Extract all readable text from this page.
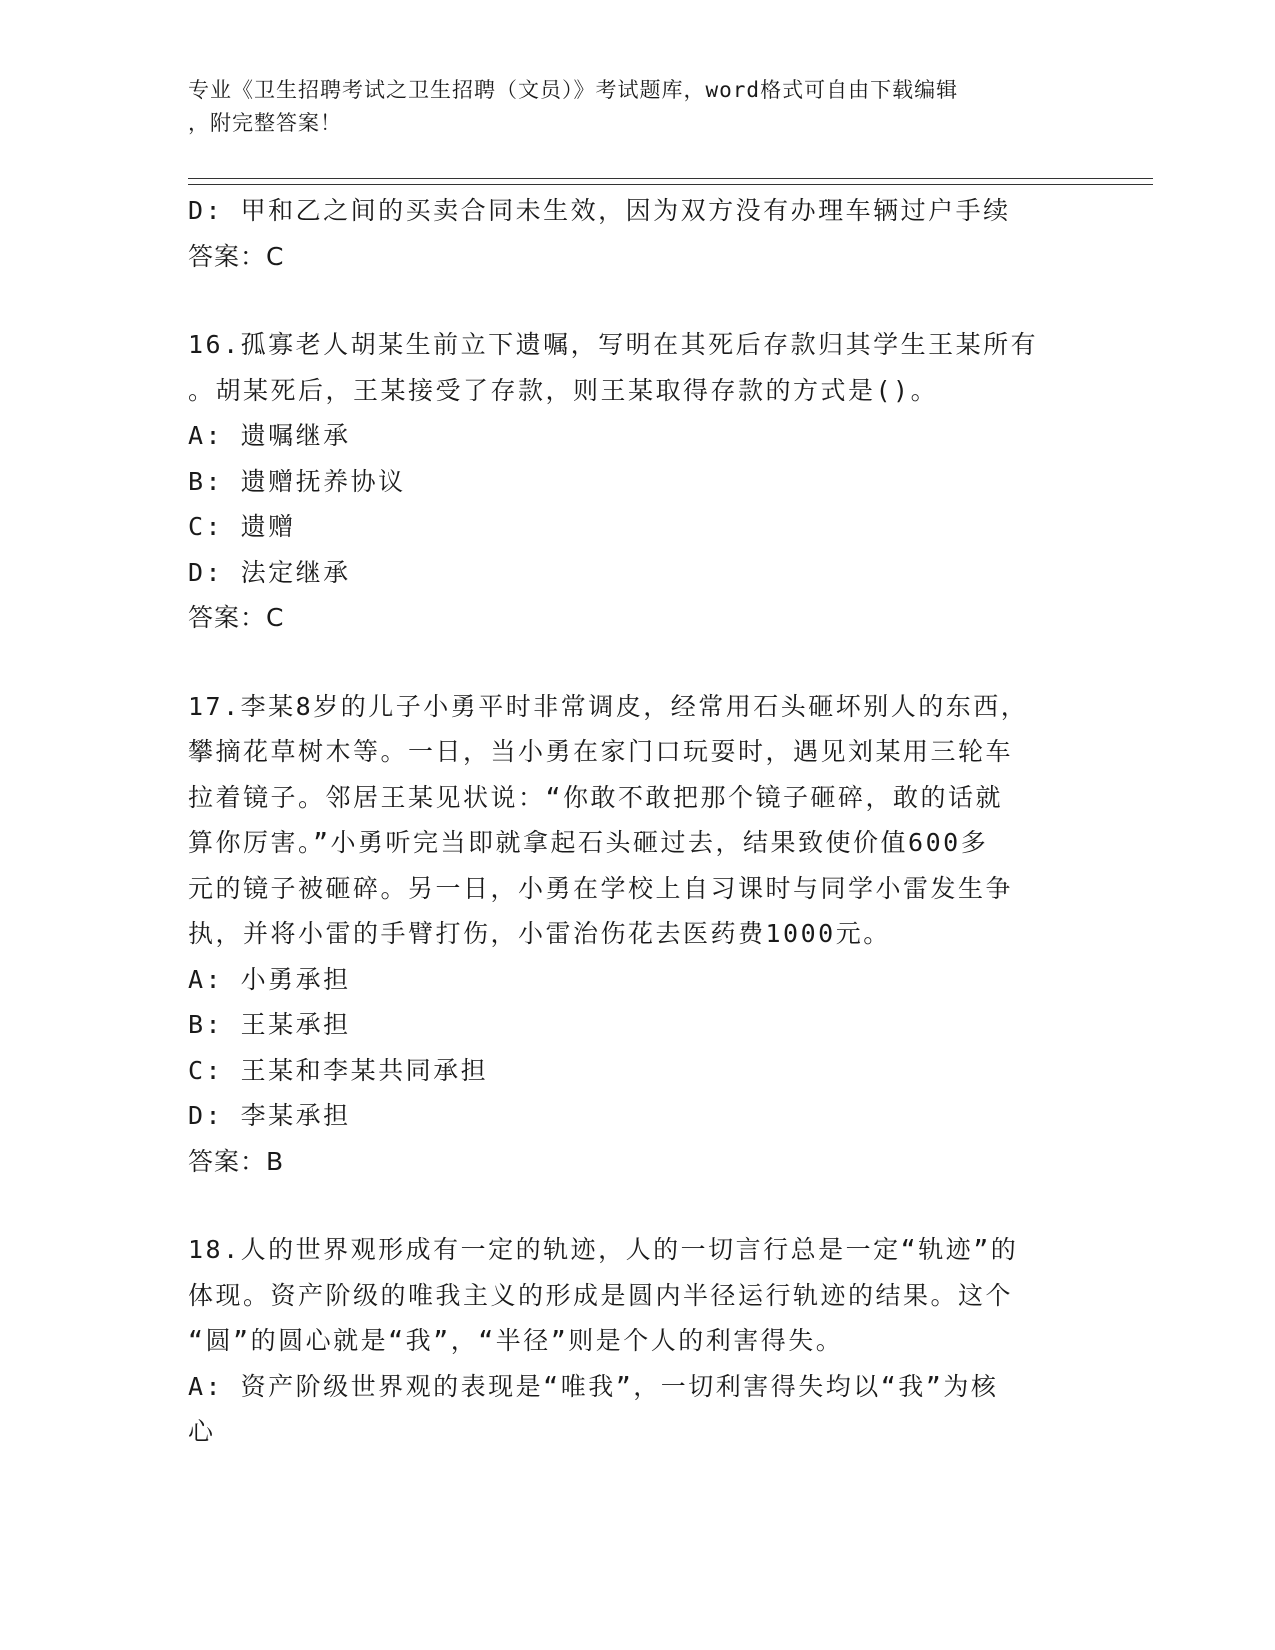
专业《卫生招聘考试之卫生招聘（文员）》考试题库，word格式可自由下载编辑
，附完整答案！
D: 甲和乙之间的买卖合同未生效，因为双方没有办理车辆过户手续
答案：C
16.孤寡老人胡某生前立下遗嘱，写明在其死后存款归其学生王某所有
。胡某死后，王某接受了存款，则王某取得存款的方式是()。
A: 遗嘱继承
B: 遗赠抚养协议
C: 遗赠
D: 法定继承
答案：C
17.李某8岁的儿子小勇平时非常调皮，经常用石头砸坏别人的东西，
攀摘花草树木等。一日，当小勇在家门口玩耍时，遇见刘某用三轮车
拉着镜子。邻居王某见状说：“你敢不敢把那个镜子砸碎，敢的话就
算你厉害。”小勇听完当即就拿起石头砸过去，结果致使价值600多
元的镜子被砸碎。另一日，小勇在学校上自习课时与同学小雷发生争
执，并将小雷的手臂打伤，小雷治伤花去医药费1000元。
A: 小勇承担
B: 王某承担
C: 王某和李某共同承担
D: 李某承担
答案：B
18.人的世界观形成有一定的轨迹，人的一切言行总是一定“轨迹”的
体现。资产阶级的唯我主义的形成是圆内半径运行轨迹的结果。这个
“圆”的圆心就是“我”，“半径”则是个人的利害得失。
A: 资产阶级世界观的表现是“唯我”，一切利害得失均以“我”为核
心
